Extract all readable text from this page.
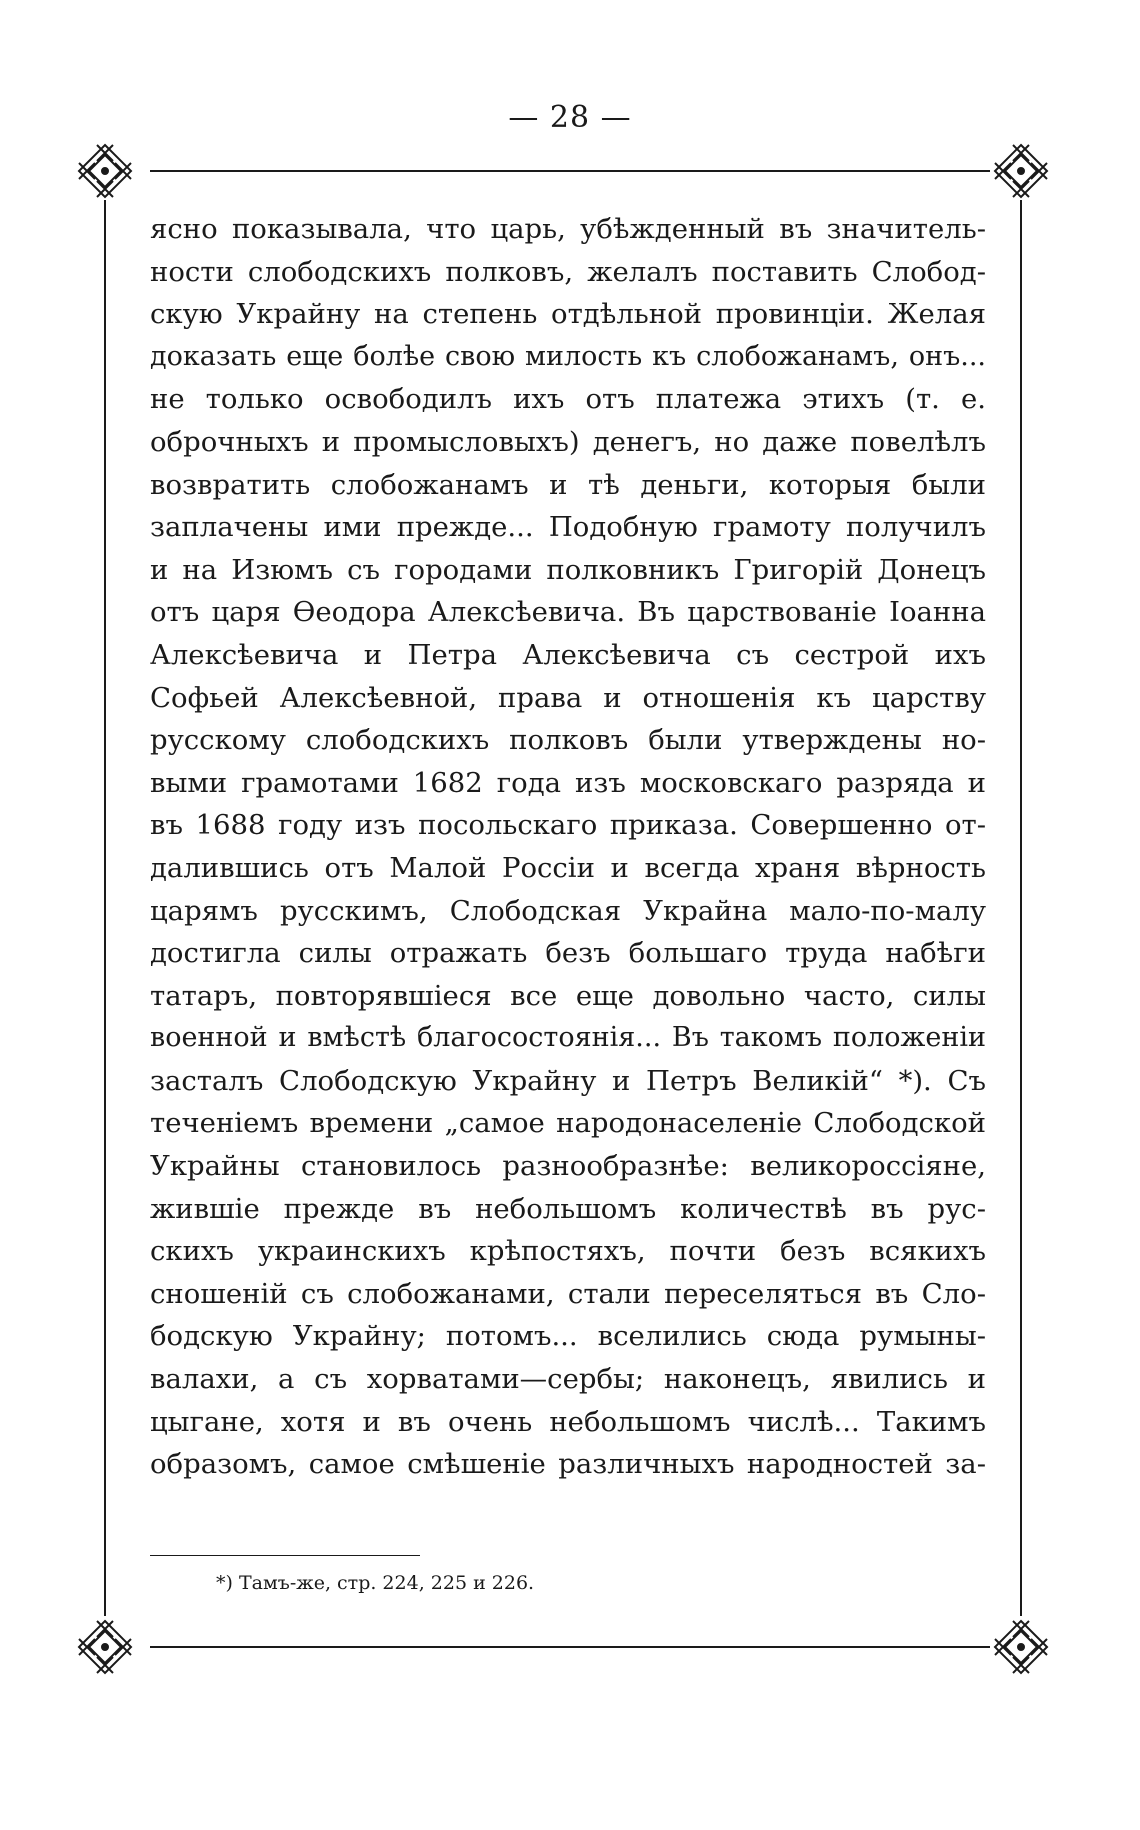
— 28 —
ясно показывала, что царь, убѣжденный въ значитель-
ности слободскихъ полковъ, желалъ поставить Слобод-
скую Украйну на степень отдѣльной провинціи. Желая
доказать еще болѣе свою милость къ слобожанамъ, онъ...
не только освободилъ ихъ отъ платежа этихъ (т. е.
оброчныхъ и промысловыхъ) денегъ, но даже повелѣлъ
возвратить слобожанамъ и тѣ деньги, которыя были
заплачены ими прежде... Подобную грамоту получилъ
и на Изюмъ съ городами полковникъ Григорій Донецъ
отъ царя Ѳеодора Алексѣевича. Въ царствованіе Іоанна
Алексѣевича и Петра Алексѣевича съ сестрой ихъ
Софьей Алексѣевной, права и отношенія къ царству
русскому слободскихъ полковъ были утверждены но-
выми грамотами 1682 года изъ московскаго разряда и
въ 1688 году изъ посольскаго приказа. Совершенно от-
далившись отъ Малой Россіи и всегда храня вѣрность
царямъ русскимъ, Слободская Украйна мало-по-малу
достигла силы отражать безъ большаго труда набѣги
татаръ, повторявшіеся все еще довольно часто, силы
военной и вмѣстѣ благосостоянія... Въ такомъ положеніи
засталъ Слободскую Украйну и Петръ Великій“ *). Съ
теченіемъ времени „самое народонаселеніе Слободской
Украйны становилось разнообразнѣе: великороссіяне,
жившіе прежде въ небольшомъ количествѣ въ рус-
скихъ украинскихъ крѣпостяхъ, почти безъ всякихъ
сношеній съ слобожанами, стали переселяться въ Сло-
бодскую Украйну; потомъ... вселились сюда румыны-
валахи, а съ хорватами—сербы; наконецъ, явились и
цыгане, хотя и въ очень небольшомъ числѣ... Такимъ
образомъ, самое смѣшеніе различныхъ народностей за-
*) Тамъ-же, стр. 224, 225 и 226.
